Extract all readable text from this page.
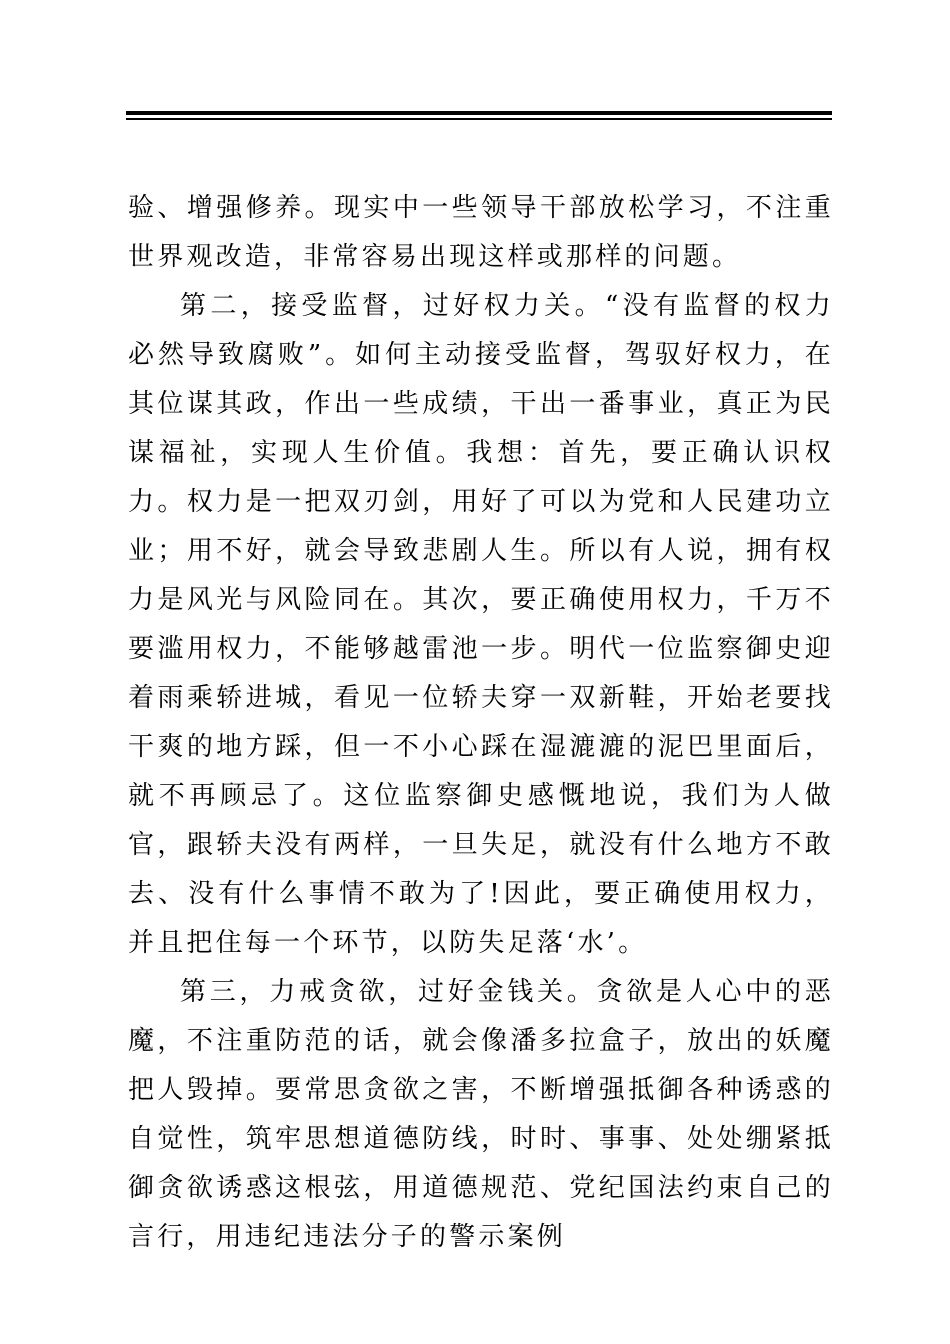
验、增强修养。现实中一些领导干部放松学习，不注重世界观改造，非常容易出现这样或那样的问题。

第二，接受监督，过好权力关。“没有监督的权力必然导致腐败”。如何主动接受监督，驾驭好权力，在其位谋其政，作出一些成绩，干出一番事业，真正为民谋福祉，实现人生价值。我想：首先，要正确认识权力。权力是一把双刃剑，用好了可以为党和人民建功立业；用不好，就会导致悲剧人生。所以有人说，拥有权力是风光与风险同在。其次，要正确使用权力，千万不要滥用权力，不能够越雷池一步。明代一位监察御史迎着雨乘轿进城，看见一位轿夫穿一双新鞋，开始老要找干爽的地方踩，但一不小心踩在湿漉漉的泥巴里面后，就不再顾忌了。这位监察御史感慨地说，我们为人做官，跟轿夫没有两样，一旦失足，就没有什么地方不敢去、没有什么事情不敢为了!因此，要正确使用权力，并且把住每一个环节，以防失足落‘水’。

第三，力戒贪欲，过好金钱关。贪欲是人心中的恶魔，不注重防范的话，就会像潘多拉盒子，放出的妖魔把人毁掉。要常思贪欲之害，不断增强抵御各种诱惑的自觉性，筑牢思想道德防线，时时、事事、处处绷紧抵御贪欲诱惑这根弦，用道德规范、党纪国法约束自己的言行，用违纪违法分子的警示案例
